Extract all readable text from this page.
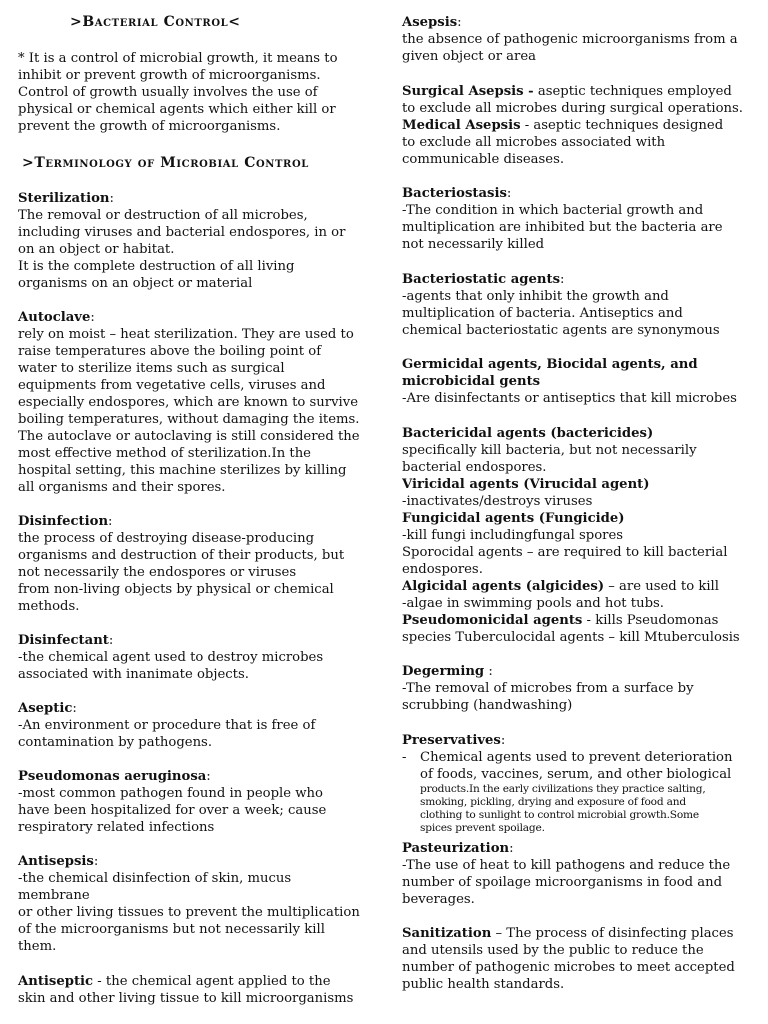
>Bacterial Control<
* It is a control of microbial growth, it means to
inhibit or prevent growth of microorganisms.
Control of growth usually involves the use of
physical or chemical agents which either kill or
prevent the growth of microorganisms.
>Terminology of Microbial Control
Sterilization:
The removal or destruction of all microbes,
including viruses and bacterial endospores, in or
on an object or habitat.
It is the complete destruction of all living
organisms on an object or material
Autoclave:
rely on moist – heat sterilization. They are used to
raise temperatures above the boiling point of
water to sterilize items such as surgical
equipments from vegetative cells, viruses and
especially endospores, which are known to survive
boiling temperatures, without damaging the items.
The autoclave or autoclaving is still considered the
most effective method of sterilization.In the
hospital setting, this machine sterilizes by killing
all organisms and their spores.
Disinfection:
the process of destroying disease-producing
organisms and destruction of their products, but
not necessarily the endospores or viruses
from non-living objects by physical or chemical
methods.
Disinfectant:
-the chemical agent used to destroy microbes
associated with inanimate objects.
Aseptic:
-An environment or procedure that is free of
contamination by pathogens.
Pseudomonas aeruginosa:
-most common pathogen found in people who
have been hospitalized for over a week; cause
respiratory related infections
Antisepsis:
-the chemical disinfection of skin, mucus
membrane
or other living tissues to prevent the multiplication
of the microorganisms but not necessarily kill
them.
Antiseptic - the chemical agent applied to the
skin and other living tissue to kill microorganisms
Asepsis:
the absence of pathogenic microorganisms from a
given object or area
Surgical Asepsis - aseptic techniques employed
to exclude all microbes during surgical operations.
Medical Asepsis - aseptic techniques designed
to exclude all microbes associated with
communicable diseases.
Bacteriostasis:
-The condition in which bacterial growth and
multiplication are inhibited but the bacteria are
not necessarily killed
Bacteriostatic agents:
-agents that only inhibit the growth and
multiplication of bacteria. Antiseptics and
chemical bacteriostatic agents are synonymous
Germicidal agents, Biocidal agents, and
microbicidal gents
-Are disinfectants or antiseptics that kill microbes
Bactericidal agents (bactericides)
specifically kill bacteria, but not necessarily
bacterial endospores.
Viricidal agents (Virucidal agent)
-inactivates/destroys viruses
Fungicidal agents (Fungicide)
-kill fungi includingfungal spores
Sporocidal agents – are required to kill bacterial
endospores.
Algicidal agents (algicides) – are used to kill
-algae in swimming pools and hot tubs.
Pseudomonicidal agents - kills Pseudomonas
species Tuberculocidal agents – kill Mtuberculosis
Degerming :
-The removal of microbes from a surface by
scrubbing (handwashing)
Preservatives:
- Chemical agents used to prevent deterioration
of foods, vaccines, serum, and other biological
products.In the early civilizations they practice salting,
smoking, pickling, drying and exposure of food and
clothing to sunlight to control microbial growth.Some
spices prevent spoilage.
Pasteurization:
-The use of heat to kill pathogens and reduce the
number of spoilage microorganisms in food and
beverages.
Sanitization – The process of disinfecting places
and utensils used by the public to reduce the
number of pathogenic microbes to meet accepted
public health standards.
